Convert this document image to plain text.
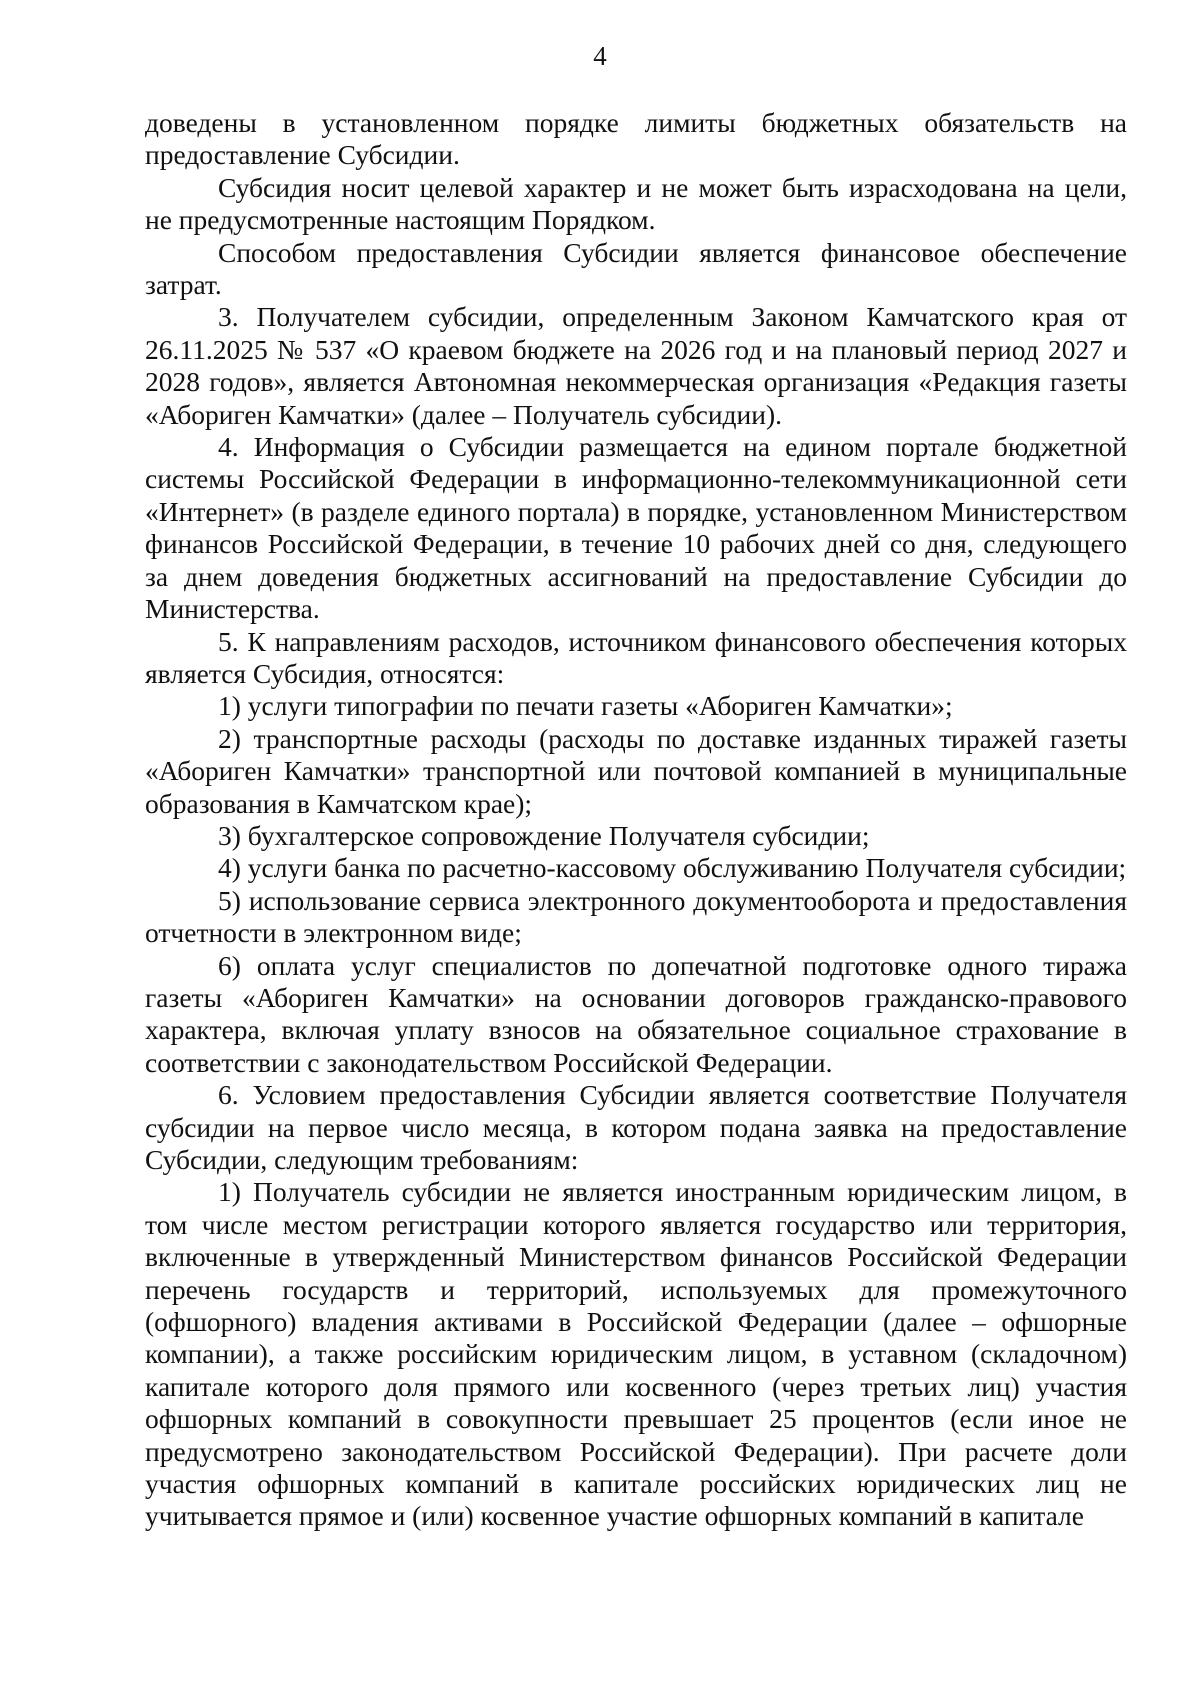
4

доведены в установленном порядке лимиты бюджетных обязательств на предоставление Субсидии.

Субсидия носит целевой характер и не может быть израсходована на цели, не предусмотренные настоящим Порядком.

Способом предоставления Субсидии является финансовое обеспечение затрат.

3. Получателем субсидии, определенным Законом Камчатского края от 26.11.2025 № 537 «О краевом бюджете на 2026 год и на плановый период 2027 и 2028 годов», является Автономная некоммерческая организация «Редакция газеты «Абориген Камчатки» (далее – Получатель субсидии).

4. Информация о Субсидии размещается на едином портале бюджетной системы Российской Федерации в информационно-телекоммуникационной сети «Интернет» (в разделе единого портала) в порядке, установленном Министерством финансов Российской Федерации, в течение 10 рабочих дней со дня, следующего за днем доведения бюджетных ассигнований на предоставление Субсидии до Министерства.

5. К направлениям расходов, источником финансового обеспечения которых является Субсидия, относятся:

1) услуги типографии по печати газеты «Абориген Камчатки»;

2) транспортные расходы (расходы по доставке изданных тиражей газеты «Абориген Камчатки» транспортной или почтовой компанией в муниципальные образования в Камчатском крае);

3) бухгалтерское сопровождение Получателя субсидии;

4) услуги банка по расчетно-кассовому обслуживанию Получателя субсидии;

5) использование сервиса электронного документооборота и предоставления отчетности в электронном виде;

6) оплата услуг специалистов по допечатной подготовке одного тиража газеты «Абориген Камчатки» на основании договоров гражданско-правового характера, включая уплату взносов на обязательное социальное страхование в соответствии с законодательством Российской Федерации.

6. Условием предоставления Субсидии является соответствие Получателя субсидии на первое число месяца, в котором подана заявка на предоставление Субсидии, следующим требованиям:

1) Получатель субсидии не является иностранным юридическим лицом, в том числе местом регистрации которого является государство или территория, включенные в утвержденный Министерством финансов Российской Федерации перечень государств и территорий, используемых для промежуточного (офшорного) владения активами в Российской Федерации (далее – офшорные компании), а также российским юридическим лицом, в уставном (складочном) капитале которого доля прямого или косвенного (через третьих лиц) участия офшорных компаний в совокупности превышает 25 процентов (если иное не предусмотрено законодательством Российской Федерации). При расчете доли участия офшорных компаний в капитале российских юридических лиц не учитывается прямое и (или) косвенное участие офшорных компаний в капитале
